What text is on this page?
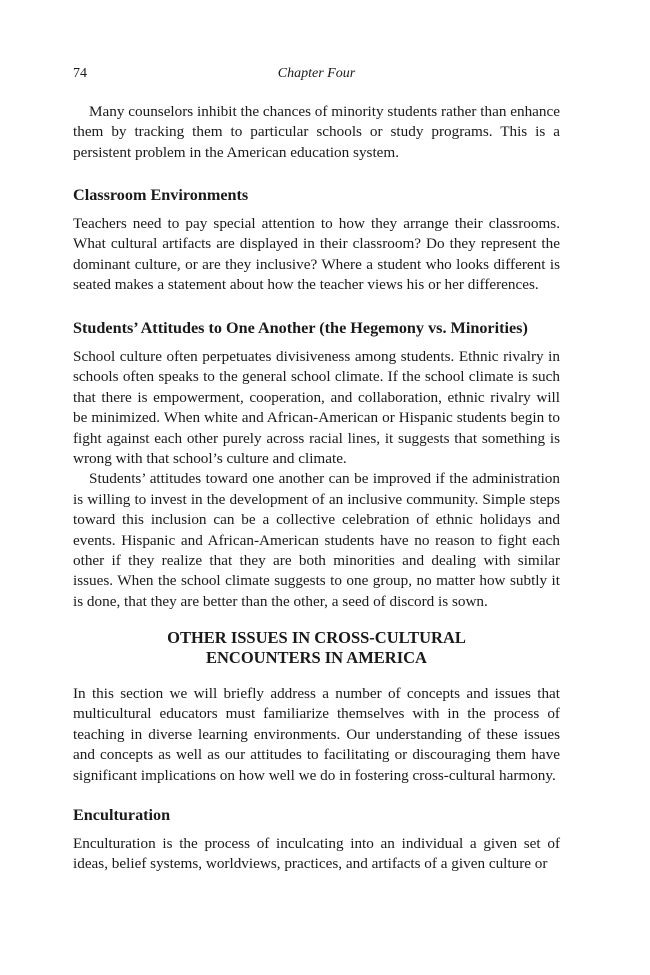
74	Chapter Four

Many counselors inhibit the chances of minority students rather than enhance them by tracking them to particular schools or study programs. This is a persistent problem in the American education system.

Classroom Environments

Teachers need to pay special attention to how they arrange their classrooms. What cultural artifacts are displayed in their classroom? Do they represent the dominant culture, or are they inclusive? Where a student who looks different is seated makes a statement about how the teacher views his or her differences.

Students’ Attitudes to One Another (the Hegemony vs. Minorities)

School culture often perpetuates divisiveness among students. Ethnic rivalry in schools often speaks to the general school climate. If the school climate is such that there is empowerment, cooperation, and collaboration, ethnic rivalry will be minimized. When white and African-American or Hispanic students begin to fight against each other purely across racial lines, it suggests that something is wrong with that school’s culture and climate.

Students’ attitudes toward one another can be improved if the administration is willing to invest in the development of an inclusive community. Simple steps toward this inclusion can be a collective celebration of ethnic holidays and events. Hispanic and African-American students have no reason to fight each other if they realize that they are both minorities and dealing with similar issues. When the school climate suggests to one group, no matter how subtly it is done, that they are better than the other, a seed of discord is sown.

OTHER ISSUES IN CROSS-CULTURAL
ENCOUNTERS IN AMERICA

In this section we will briefly address a number of concepts and issues that multicultural educators must familiarize themselves with in the process of teaching in diverse learning environments. Our understanding of these issues and concepts as well as our attitudes to facilitating or discouraging them have significant implications on how well we do in fostering cross-cultural harmony.

Enculturation

Enculturation is the process of inculcating into an individual a given set of ideas, belief systems, worldviews, practices, and artifacts of a given culture or
